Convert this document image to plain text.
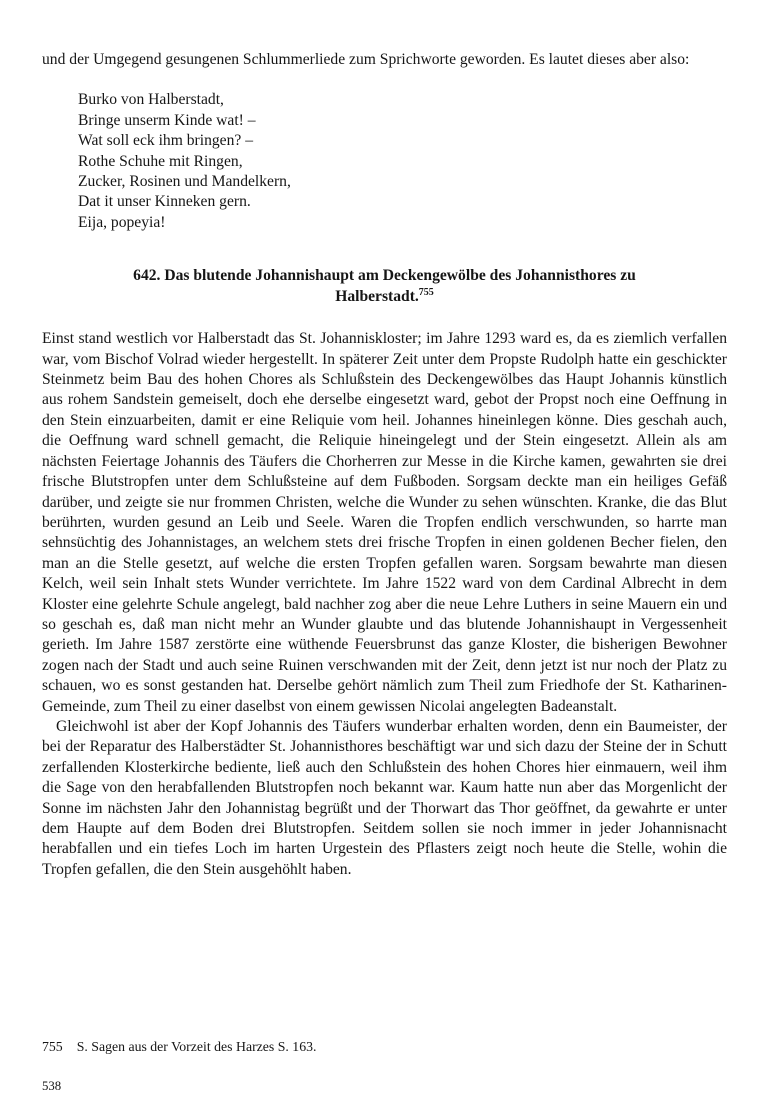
und der Umgegend gesungenen Schlummerliede zum Sprichworte geworden. Es lautet dieses aber also:

Burko von Halberstadt,
Bringe unserm Kinde wat! –
Wat soll eck ihm bringen? –
Rothe Schuhe mit Ringen,
Zucker, Rosinen und Mandelkern,
Dat it unser Kinneken gern.
Eija, popeyia!
642. Das blutende Johannishaupt am Deckengewölbe des Johannisthores zu Halberstadt.$^{755}$

Einst stand westlich vor Halberstadt das St. Johanniskloster; im Jahre 1293 ward es, da es ziemlich verfallen war, vom Bischof Volrad wieder hergestellt. In späterer Zeit unter dem Propste Rudolph hatte ein geschickter Steinmetz beim Bau des hohen Chores als Schlußstein des Deckengewölbes das Haupt Johannis künstlich aus rohem Sandstein gemeiselt, doch ehe derselbe eingesetzt ward, gebot der Propst noch eine Oeffnung in den Stein einzuarbeiten, damit er eine Reliquie vom heil. Johannes hineinlegen könne. Dies geschah auch, die Oeffnung ward schnell gemacht, die Reliquie hineingelegt und der Stein eingesetzt. Allein als am nächsten Feiertage Johannis des Täufers die Chorherren zur Messe in die Kirche kamen, gewahrten sie drei frische Blutstropfen unter dem Schlußsteine auf dem Fußboden. Sorgsam deckte man ein heiliges Gefäß darüber, und zeigte sie nur frommen Christen, welche die Wunder zu sehen wünschten. Kranke, die das Blut berührten, wurden gesund an Leib und Seele. Waren die Tropfen endlich verschwunden, so harrte man sehnsüchtig des Johannistages, an welchem stets drei frische Tropfen in einen goldenen Becher fielen, den man an die Stelle gesetzt, auf welche die ersten Tropfen gefallen waren. Sorgsam bewahrte man diesen Kelch, weil sein Inhalt stets Wunder verrichtete. Im Jahre 1522 ward von dem Cardinal Albrecht in dem Kloster eine gelehrte Schule angelegt, bald nachher zog aber die neue Lehre Luthers in seine Mauern ein und so geschah es, daß man nicht mehr an Wunder glaubte und das blutende Johannishaupt in Vergessenheit gerieth. Im Jahre 1587 zerstörte eine wüthende Feuersbrunst das ganze Kloster, die bisherigen Bewohner zogen nach der Stadt und auch seine Ruinen verschwanden mit der Zeit, denn jetzt ist nur noch der Platz zu schauen, wo es sonst gestanden hat. Derselbe gehört nämlich zum Theil zum Friedhofe der St. Katharinen-Gemeinde, zum Theil zu einer daselbst von einem gewissen Nicolai angelegten Badeanstalt.

Gleichwohl ist aber der Kopf Johannis des Täufers wunderbar erhalten worden, denn ein Baumeister, der bei der Reparatur des Halberstädter St. Johannisthores beschäftigt war und sich dazu der Steine der in Schutt zerfallenden Klosterkirche bediente, ließ auch den Schlußstein des hohen Chores hier einmauern, weil ihm die Sage von den herabfallenden Blutstropfen noch bekannt war. Kaum hatte nun aber das Morgenlicht der Sonne im nächsten Jahr den Johannistag begrüßt und der Thorwart das Thor geöffnet, da gewahrte er unter dem Haupte auf dem Boden drei Blutstropfen. Seitdem sollen sie noch immer in jeder Johannisnacht herabfallen und ein tiefes Loch im harten Urgestein des Pflasters zeigt noch heute die Stelle, wohin die Tropfen gefallen, die den Stein ausgehöhlt haben.

755 S. Sagen aus der Vorzeit des Harzes S. 163.
538
